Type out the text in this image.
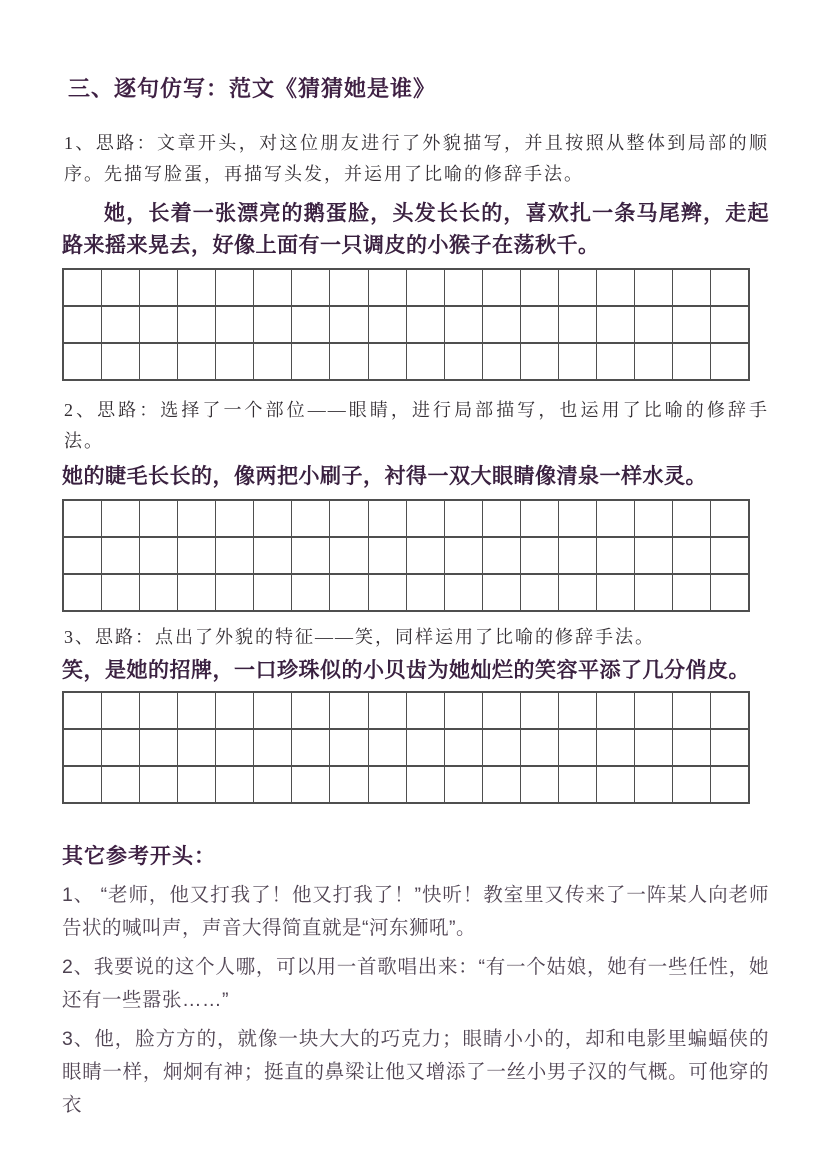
三、逐句仿写：范文《猜猜她是谁》

1、思路：文章开头，对这位朋友进行了外貌描写，并且按照从整体到局部的顺序。先描写脸蛋，再描写头发，并运用了比喻的修辞手法。

她，长着一张漂亮的鹅蛋脸，头发长长的，喜欢扎一条马尾辫，走起路来摇来晃去，好像上面有一只调皮的小猴子在荡秋千。

2、思路：选择了一个部位——眼睛，进行局部描写，也运用了比喻的修辞手法。

她的睫毛长长的，像两把小刷子，衬得一双大眼睛像清泉一样水灵。

3、思路：点出了外貌的特征——笑，同样运用了比喻的修辞手法。

笑，是她的招牌，一口珍珠似的小贝齿为她灿烂的笑容平添了几分俏皮。

其它参考开头：

1、 “老师，他又打我了！他又打我了！”快听！教室里又传来了一阵某人向老师告状的喊叫声，声音大得简直就是“河东狮吼”。

2、我要说的这个人哪，可以用一首歌唱出来：“有一个姑娘，她有一些任性，她还有一些嚣张……”

3、他，脸方方的，就像一块大大的巧克力；眼睛小小的，却和电影里蝙蝠侠的眼睛一样，炯炯有神；挺直的鼻梁让他又增添了一丝小男子汉的气概。可他穿的衣
